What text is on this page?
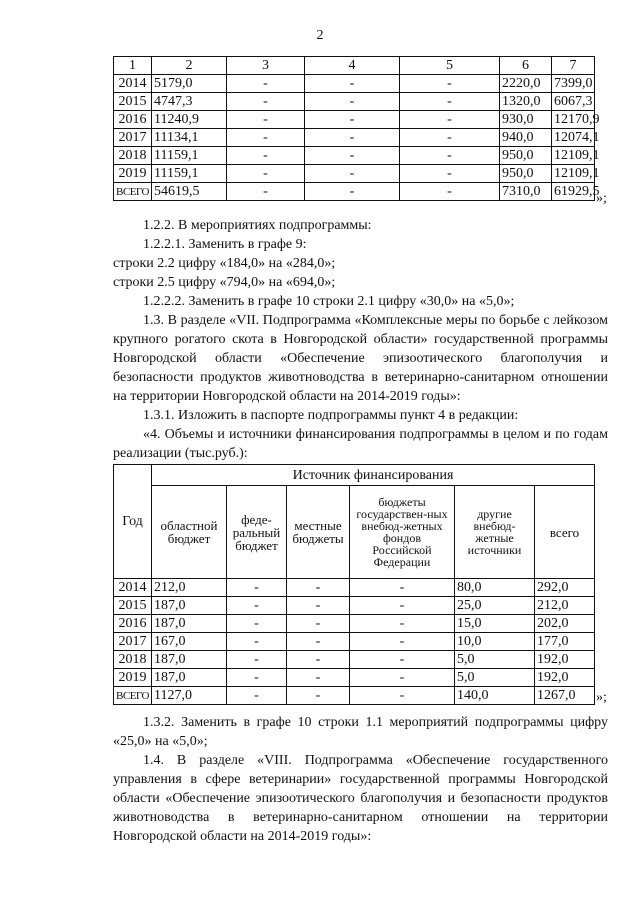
2
1	2	3	4	5	6	7
2014	5179,0	-	-	-	2220,0	7399,0
2015	4747,3	-	-	-	1320,0	6067,3
2016	11240,9	-	-	-	930,0	12170,9
2017	11134,1	-	-	-	940,0	12074,1
2018	11159,1	-	-	-	950,0	12109,1
2019	11159,1	-	-	-	950,0	12109,1
ВСЕГО	54619,5	-	-	-	7310,0	61929,5
»;

1.2.2. В мероприятиях подпрограммы:

1.2.2.1. Заменить в графе 9:

строки 2.2 цифру «184,0» на «284,0»;

строки 2.5 цифру «794,0» на «694,0»;

1.2.2.2. Заменить в графе 10 строки 2.1 цифру «30,0» на «5,0»;

1.3. В разделе «VII. Подпрограмма «Комплексные меры по борьбе с лейкозом крупного рогатого скота в Новгородской области» государственной программы Новгородской области «Обеспечение эпизоотического благополучия и безопасности продуктов животноводства в ветеринарно-санитарном отношении на территории Новгородской области на 2014-2019 годы»:

1.3.1. Изложить в паспорте подпрограммы пункт 4 в редакции:

«4. Объемы и источники финансирования подпрограммы в целом и по годам реализации (тыс.руб.):

Год	Источник финансирования					
	областной бюджет	феде-ральный бюджет	местные бюджеты	бюджеты государствен-ных внебюд-жетных фондов Российской Федерации	другие внебюд-жетные источники	всего
2014	212,0	-	-	-	80,0	292,0
2015	187,0	-	-	-	25,0	212,0
2016	187,0	-	-	-	15,0	202,0
2017	167,0	-	-	-	10,0	177,0
2018	187,0	-	-	-	5,0	192,0
2019	187,0	-	-	-	5,0	192,0
ВСЕГО	1127,0	-	-	-	140,0	1267,0 »;

1.3.2. Заменить в графе 10 строки 1.1 мероприятий подпрограммы цифру «25,0» на «5,0»;

1.4. В разделе «VIII. Подпрограмма «Обеспечение государственного управления в сфере ветеринарии» государственной программы Новгородской области «Обеспечение эпизоотического благополучия и безопасности продуктов животноводства в ветеринарно-санитарном отношении на территории Новгородской области на 2014-2019 годы»:
